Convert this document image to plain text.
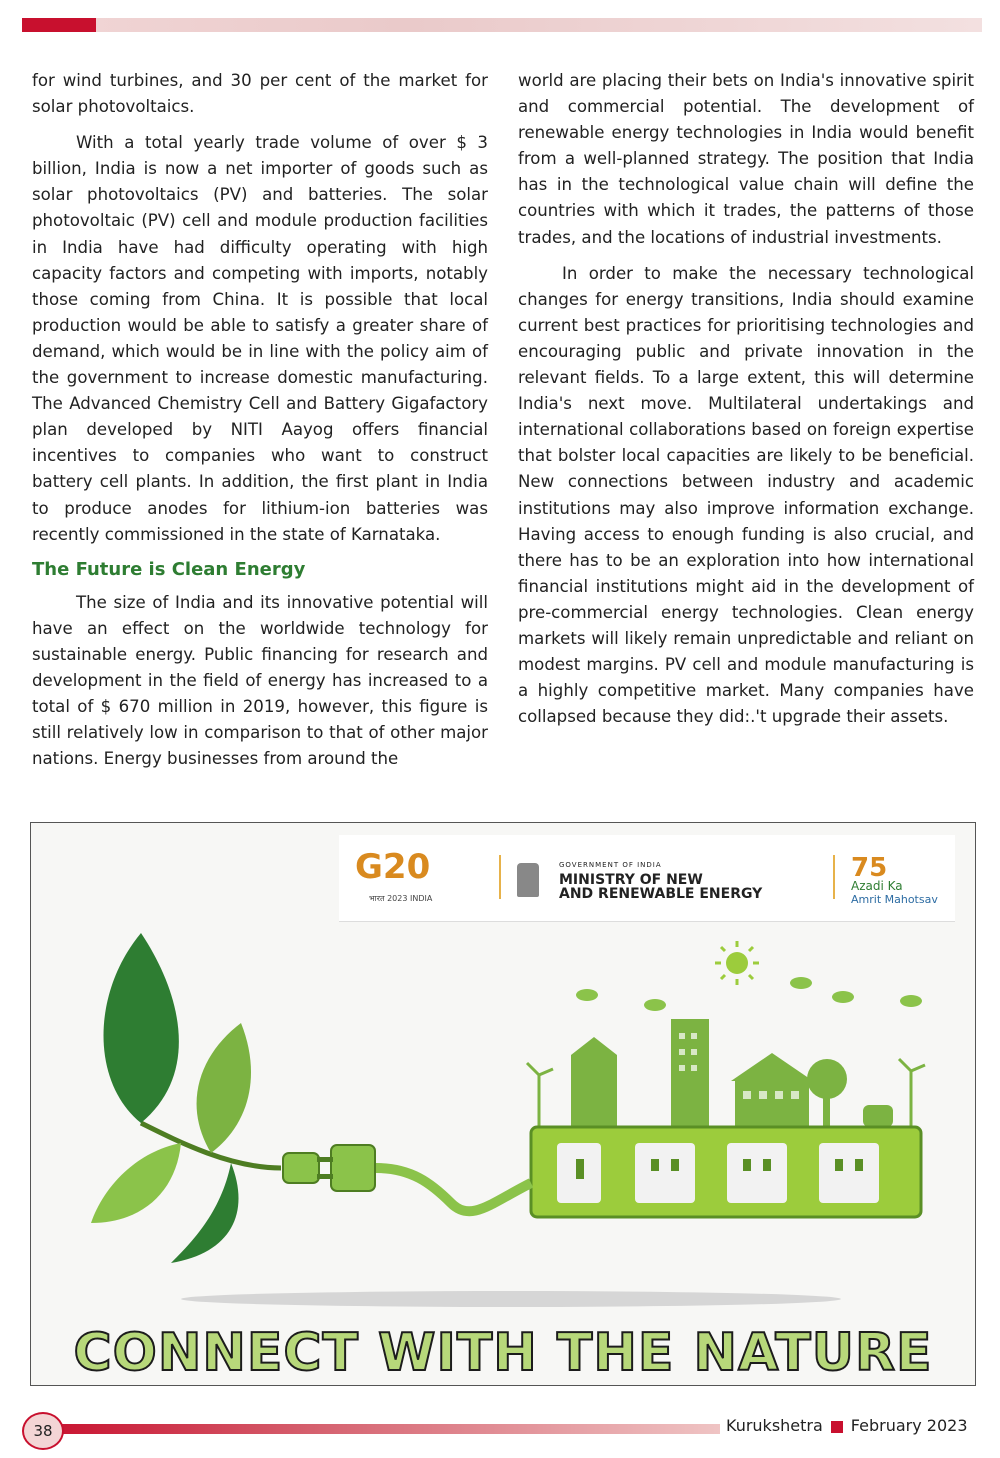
for wind turbines, and 30 per cent of the market for solar photovoltaics.

With a total yearly trade volume of over $ 3 billion, India is now a net importer of goods such as solar photovoltaics (PV) and batteries. The solar photovoltaic (PV) cell and module production facilities in India have had difficulty operating with high capacity factors and competing with imports, notably those coming from China. It is possible that local production would be able to satisfy a greater share of demand, which would be in line with the policy aim of the government to increase domestic manufacturing. The Advanced Chemistry Cell and Battery Gigafactory plan developed by NITI Aayog offers financial incentives to companies who want to construct battery cell plants. In addition, the first plant in India to produce anodes for lithium-ion batteries was recently commissioned in the state of Karnataka.

The Future is Clean Energy

The size of India and its innovative potential will have an effect on the worldwide technology for sustainable energy. Public financing for research and development in the field of energy has increased to a total of $ 670 million in 2019, however, this figure is still relatively low in comparison to that of other major nations. Energy businesses from around the

world are placing their bets on India's innovative spirit and commercial potential. The development of renewable energy technologies in India would benefit from a well-planned strategy. The position that India has in the technological value chain will define the countries with which it trades, the patterns of those trades, and the locations of industrial investments.

In order to make the necessary technological changes for energy transitions, India should examine current best practices for prioritising technologies and encouraging public and private innovation in the relevant fields. To a large extent, this will determine India's next move. Multilateral undertakings and international collaborations based on foreign expertise that bolster local capacities are likely to be beneficial. New connections between industry and academic institutions may also improve information exchange. Having access to enough funding is also crucial, and there has to be an exploration into how international financial institutions might aid in the development of pre-commercial energy technologies. Clean energy markets will likely remain unpredictable and reliant on modest margins. PV cell and module manufacturing is a highly competitive market. Many companies have collapsed because they did:.'t upgrade their assets.

G20
भारत 2023 INDIA
GOVERNMENT OF INDIA
MINISTRY OF NEW
AND RENEWABLE ENERGY
75
Azadi Ka
Amrit Mahotsav
CONNECT WITH THE NATURE
38	Kurukshetra February 2023
